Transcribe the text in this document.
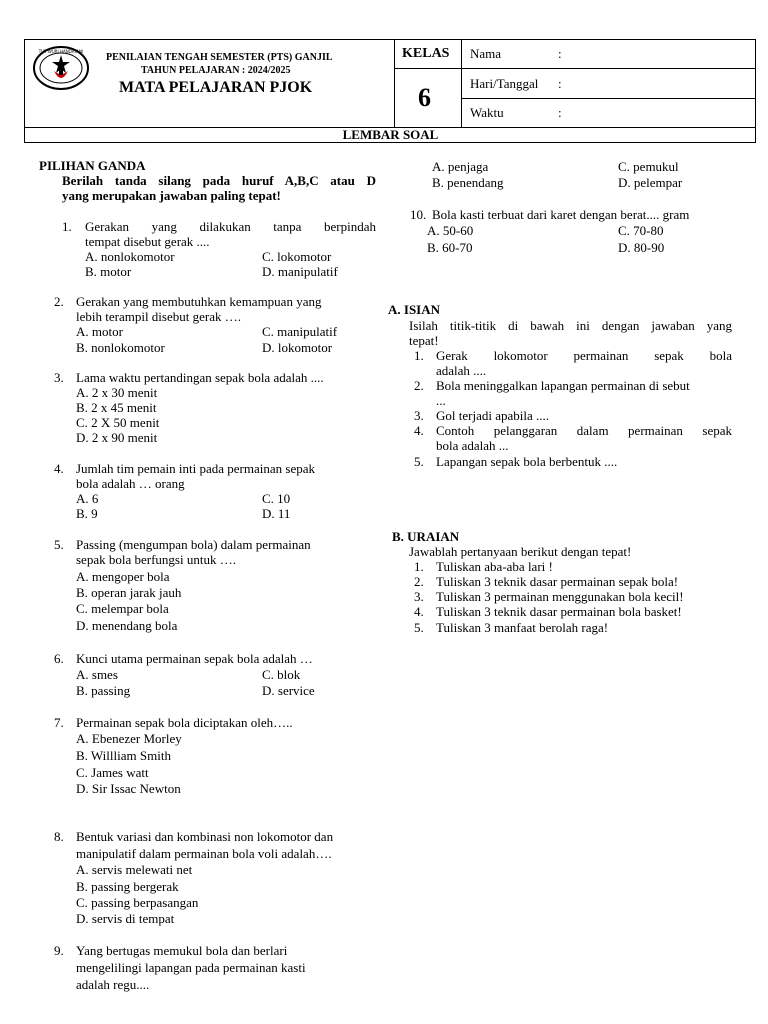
TUT WURI HANDAYANI
PENILAIAN TENGAH SEMESTER (PTS) GANJIL
TAHUN PELAJARAN : 2024/2025
MATA PELAJARAN PJOK
KELAS
6
Nama	:
Hari/Tanggal :
Waktu	:
LEMBAR SOAL
PILIHAN GANDA
Berilah tanda silang pada huruf A,B,C atau D
yang merupakan jawaban paling tepat!
1. Gerakan yang dilakukan tanpa berpindah
tempat disebut gerak ....
A. nonlokomotor
B. motor
C. lokomotor
D. manipulatif
2. Gerakan yang membutuhkan kemampuan yang
lebih terampil disebut gerak ….
A. motor
B. nonlokomotor
C. manipulatif
D. lokomotor
3. Lama waktu pertandingan sepak bola adalah ....
A. 2 x 30 menit
B. 2 x 45 menit
C. 2 X 50 menit
D. 2 x 90 menit
4. Jumlah tim pemain inti pada permainan sepak
bola adalah … orang
A. 6
B. 9
C. 10
D. 11
5. Passing (mengumpan bola) dalam permainan
sepak bola berfungsi untuk ….
A. mengoper bola
B. operan jarak jauh
C. melempar bola
D. menendang bola
6. Kunci utama permainan sepak bola adalah …
A. smes
B. passing
C. blok
D. service
7. Permainan sepak bola diciptakan oleh…..
A. Ebenezer Morley
B. Willliam Smith
C. James watt
D. Sir Issac Newton
8. Bentuk variasi dan kombinasi non lokomotor dan
manipulatif dalam permainan bola voli adalah….
A. servis melewati net
B. passing bergerak
C. passing berpasangan
D. servis di tempat
9. Yang bertugas memukul bola dan berlari
mengelilingi lapangan pada permainan kasti
adalah regu....
A. penjaga
B. penendang
C. pemukul
D. pelempar
10. Bola kasti terbuat dari karet dengan berat.... gram
A. 50-60
B. 60-70
C. 70-80
D. 80-90
A. ISIAN
Isilah titik-titik di bawah ini dengan jawaban yang
tepat!
1. Gerak lokomotor permainan sepak bola
adalah ....
2. Bola meninggalkan lapangan permainan di sebut
...
3. Gol terjadi apabila ....
4. Contoh pelanggaran dalam permainan sepak
bola adalah ...
5. Lapangan sepak bola berbentuk ....
B. URAIAN
Jawablah pertanyaan berikut dengan tepat!
1. Tuliskan aba-aba lari !
2. Tuliskan 3 teknik dasar permainan sepak bola!
3. Tuliskan 3 permainan menggunakan bola kecil!
4. Tuliskan 3 teknik dasar permainan bola basket!
5. Tuliskan 3 manfaat berolah raga!
